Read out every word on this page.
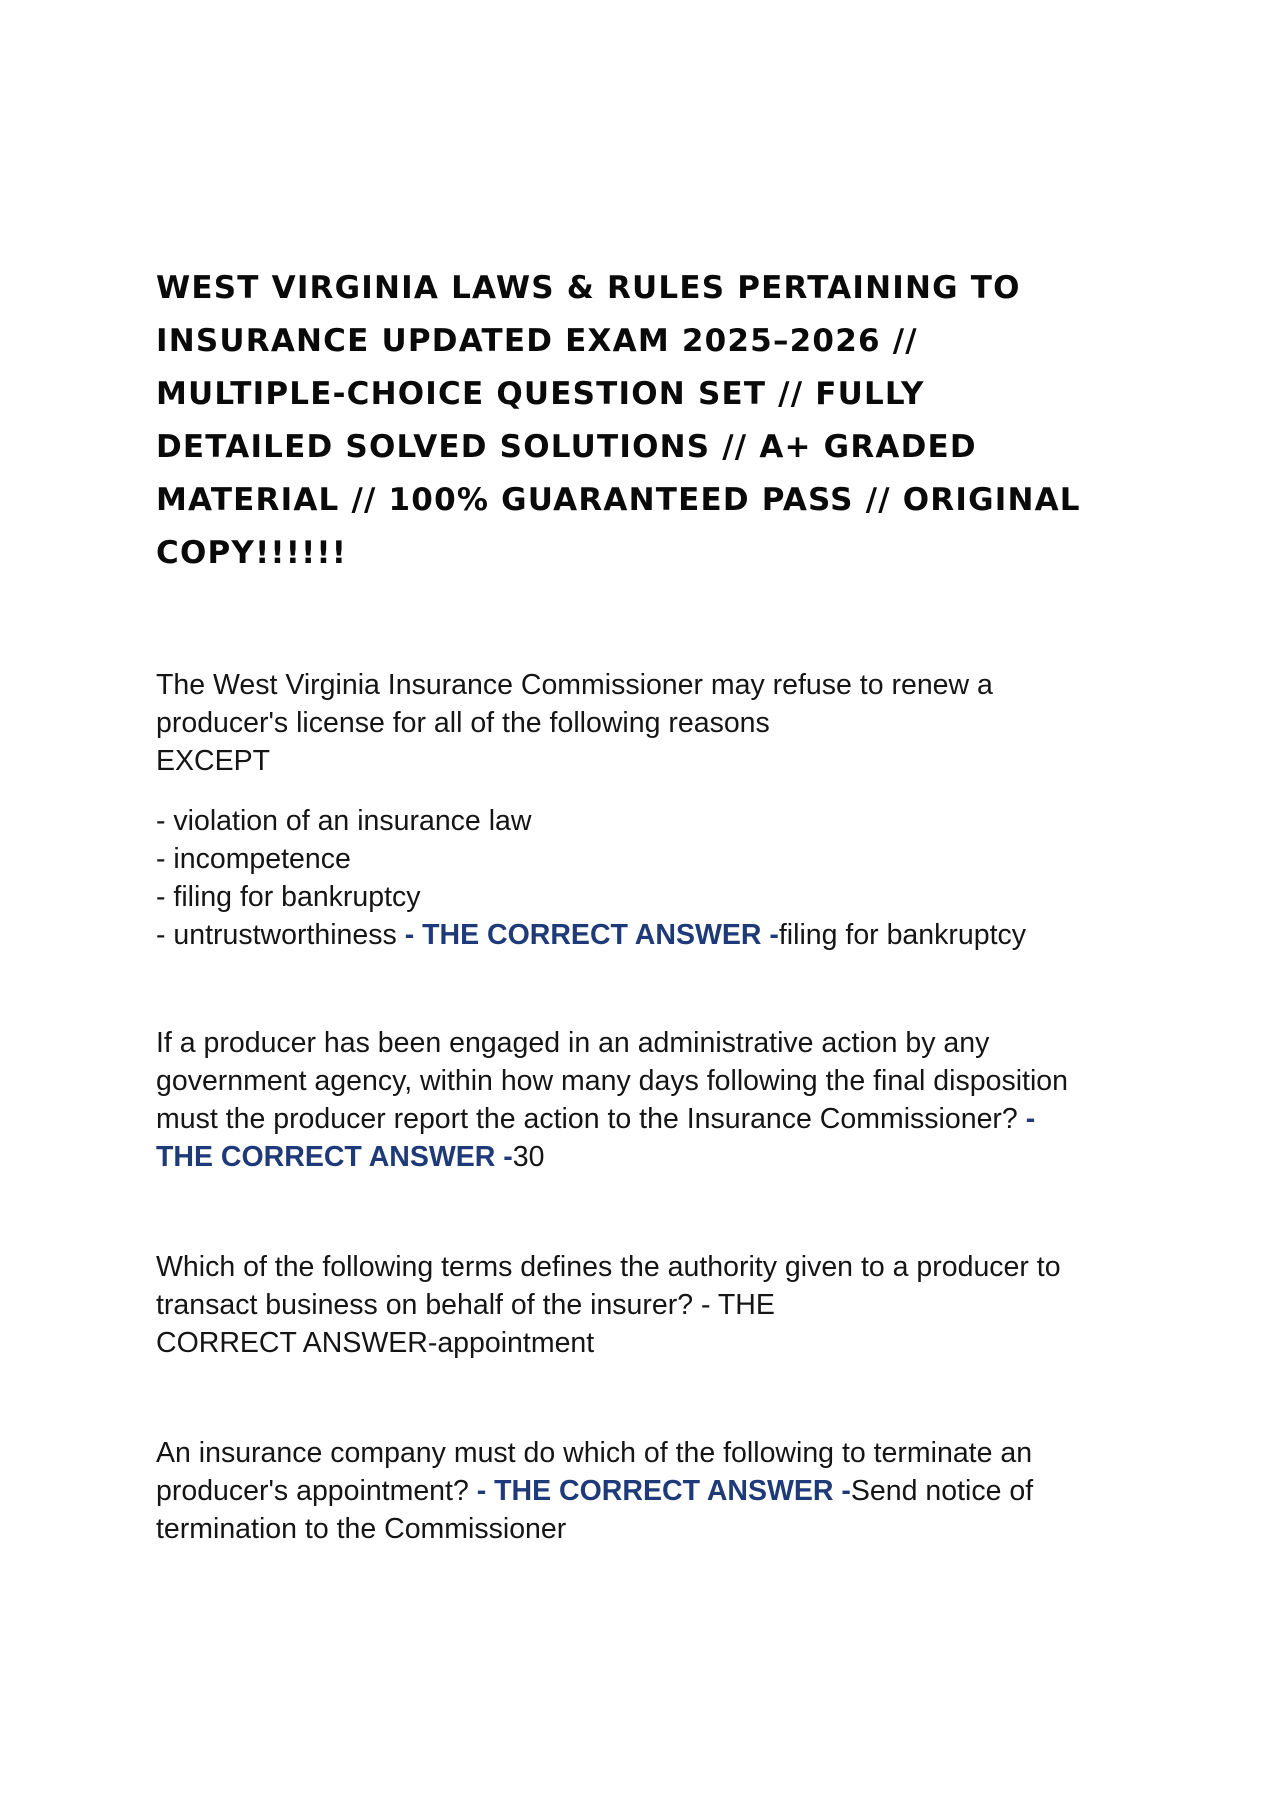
WEST VIRGINIA LAWS & RULES PERTAINING TO
INSURANCE UPDATED EXAM 2025–2026 //
MULTIPLE-CHOICE QUESTION SET // FULLY
DETAILED SOLVED SOLUTIONS // A+ GRADED
MATERIAL // 100% GUARANTEED PASS // ORIGINAL
COPY!!!!!!

The West Virginia Insurance Commissioner may refuse to renew a
producer's license for all of the following reasons
EXCEPT

- violation of an insurance law

- incompetence

- filing for bankruptcy

- untrustworthiness - THE CORRECT ANSWER -filing for bankruptcy

If a producer has been engaged in an administrative action by any
government agency, within how many days following the final disposition
must the producer report the action to the Insurance Commissioner? -
THE CORRECT ANSWER -30

Which of the following terms defines the authority given to a producer to
transact business on behalf of the insurer? - THE
CORRECT ANSWER-appointment

An insurance company must do which of the following to terminate an
producer's appointment? - THE CORRECT ANSWER -Send notice of
termination to the Commissioner
